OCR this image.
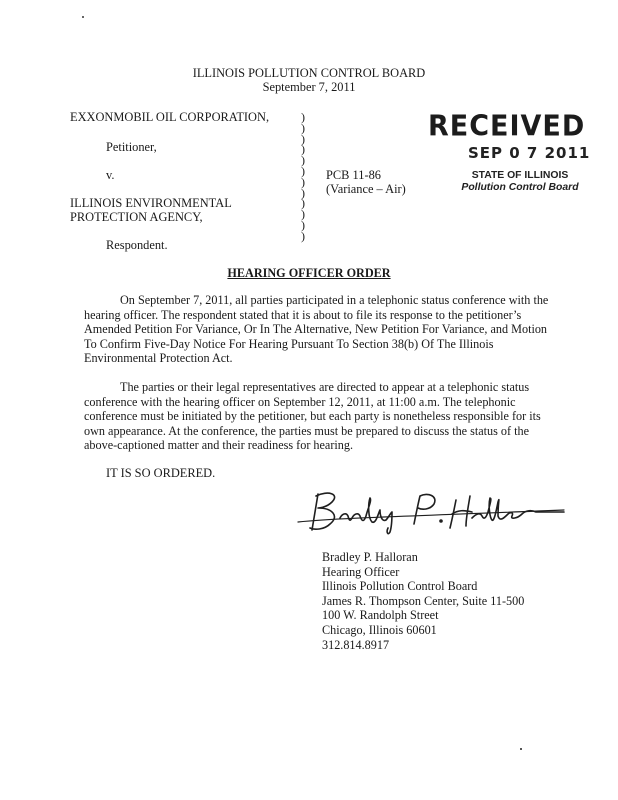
ILLINOIS POLLUTION CONTROL BOARD
September 7, 2011
EXXONMOBIL OIL CORPORATION,
Petitioner,
v.
ILLINOIS ENVIRONMENTAL
PROTECTION AGENCY,
Respondent.
)
)
)
)
)
)
)
)
)
)
)
)
PCB 11-86
(Variance – Air)
RECEIVED
SEP 0 7 2011
STATE OF ILLINOIS
Pollution Control Board
HEARING OFFICER ORDER
On September 7, 2011, all parties participated in a telephonic status conference with the
hearing officer. The respondent stated that it is about to file its response to the petitioner’s
Amended Petition For Variance, Or In The Alternative, New Petition For Variance, and Motion
To Confirm Five-Day Notice For Hearing Pursuant To Section 38(b) Of The Illinois
Environmental Protection Act.
The parties or their legal representatives are directed to appear at a telephonic status
conference with the hearing officer on September 12, 2011, at 11:00 a.m. The telephonic
conference must be initiated by the petitioner, but each party is nonetheless responsible for its
own appearance. At the conference, the parties must be prepared to discuss the status of the
above-captioned matter and their readiness for hearing.
IT IS SO ORDERED.
Bradley P. Halloran
Hearing Officer
Illinois Pollution Control Board
James R. Thompson Center, Suite 11-500
100 W. Randolph Street
Chicago, Illinois 60601
312.814.8917
